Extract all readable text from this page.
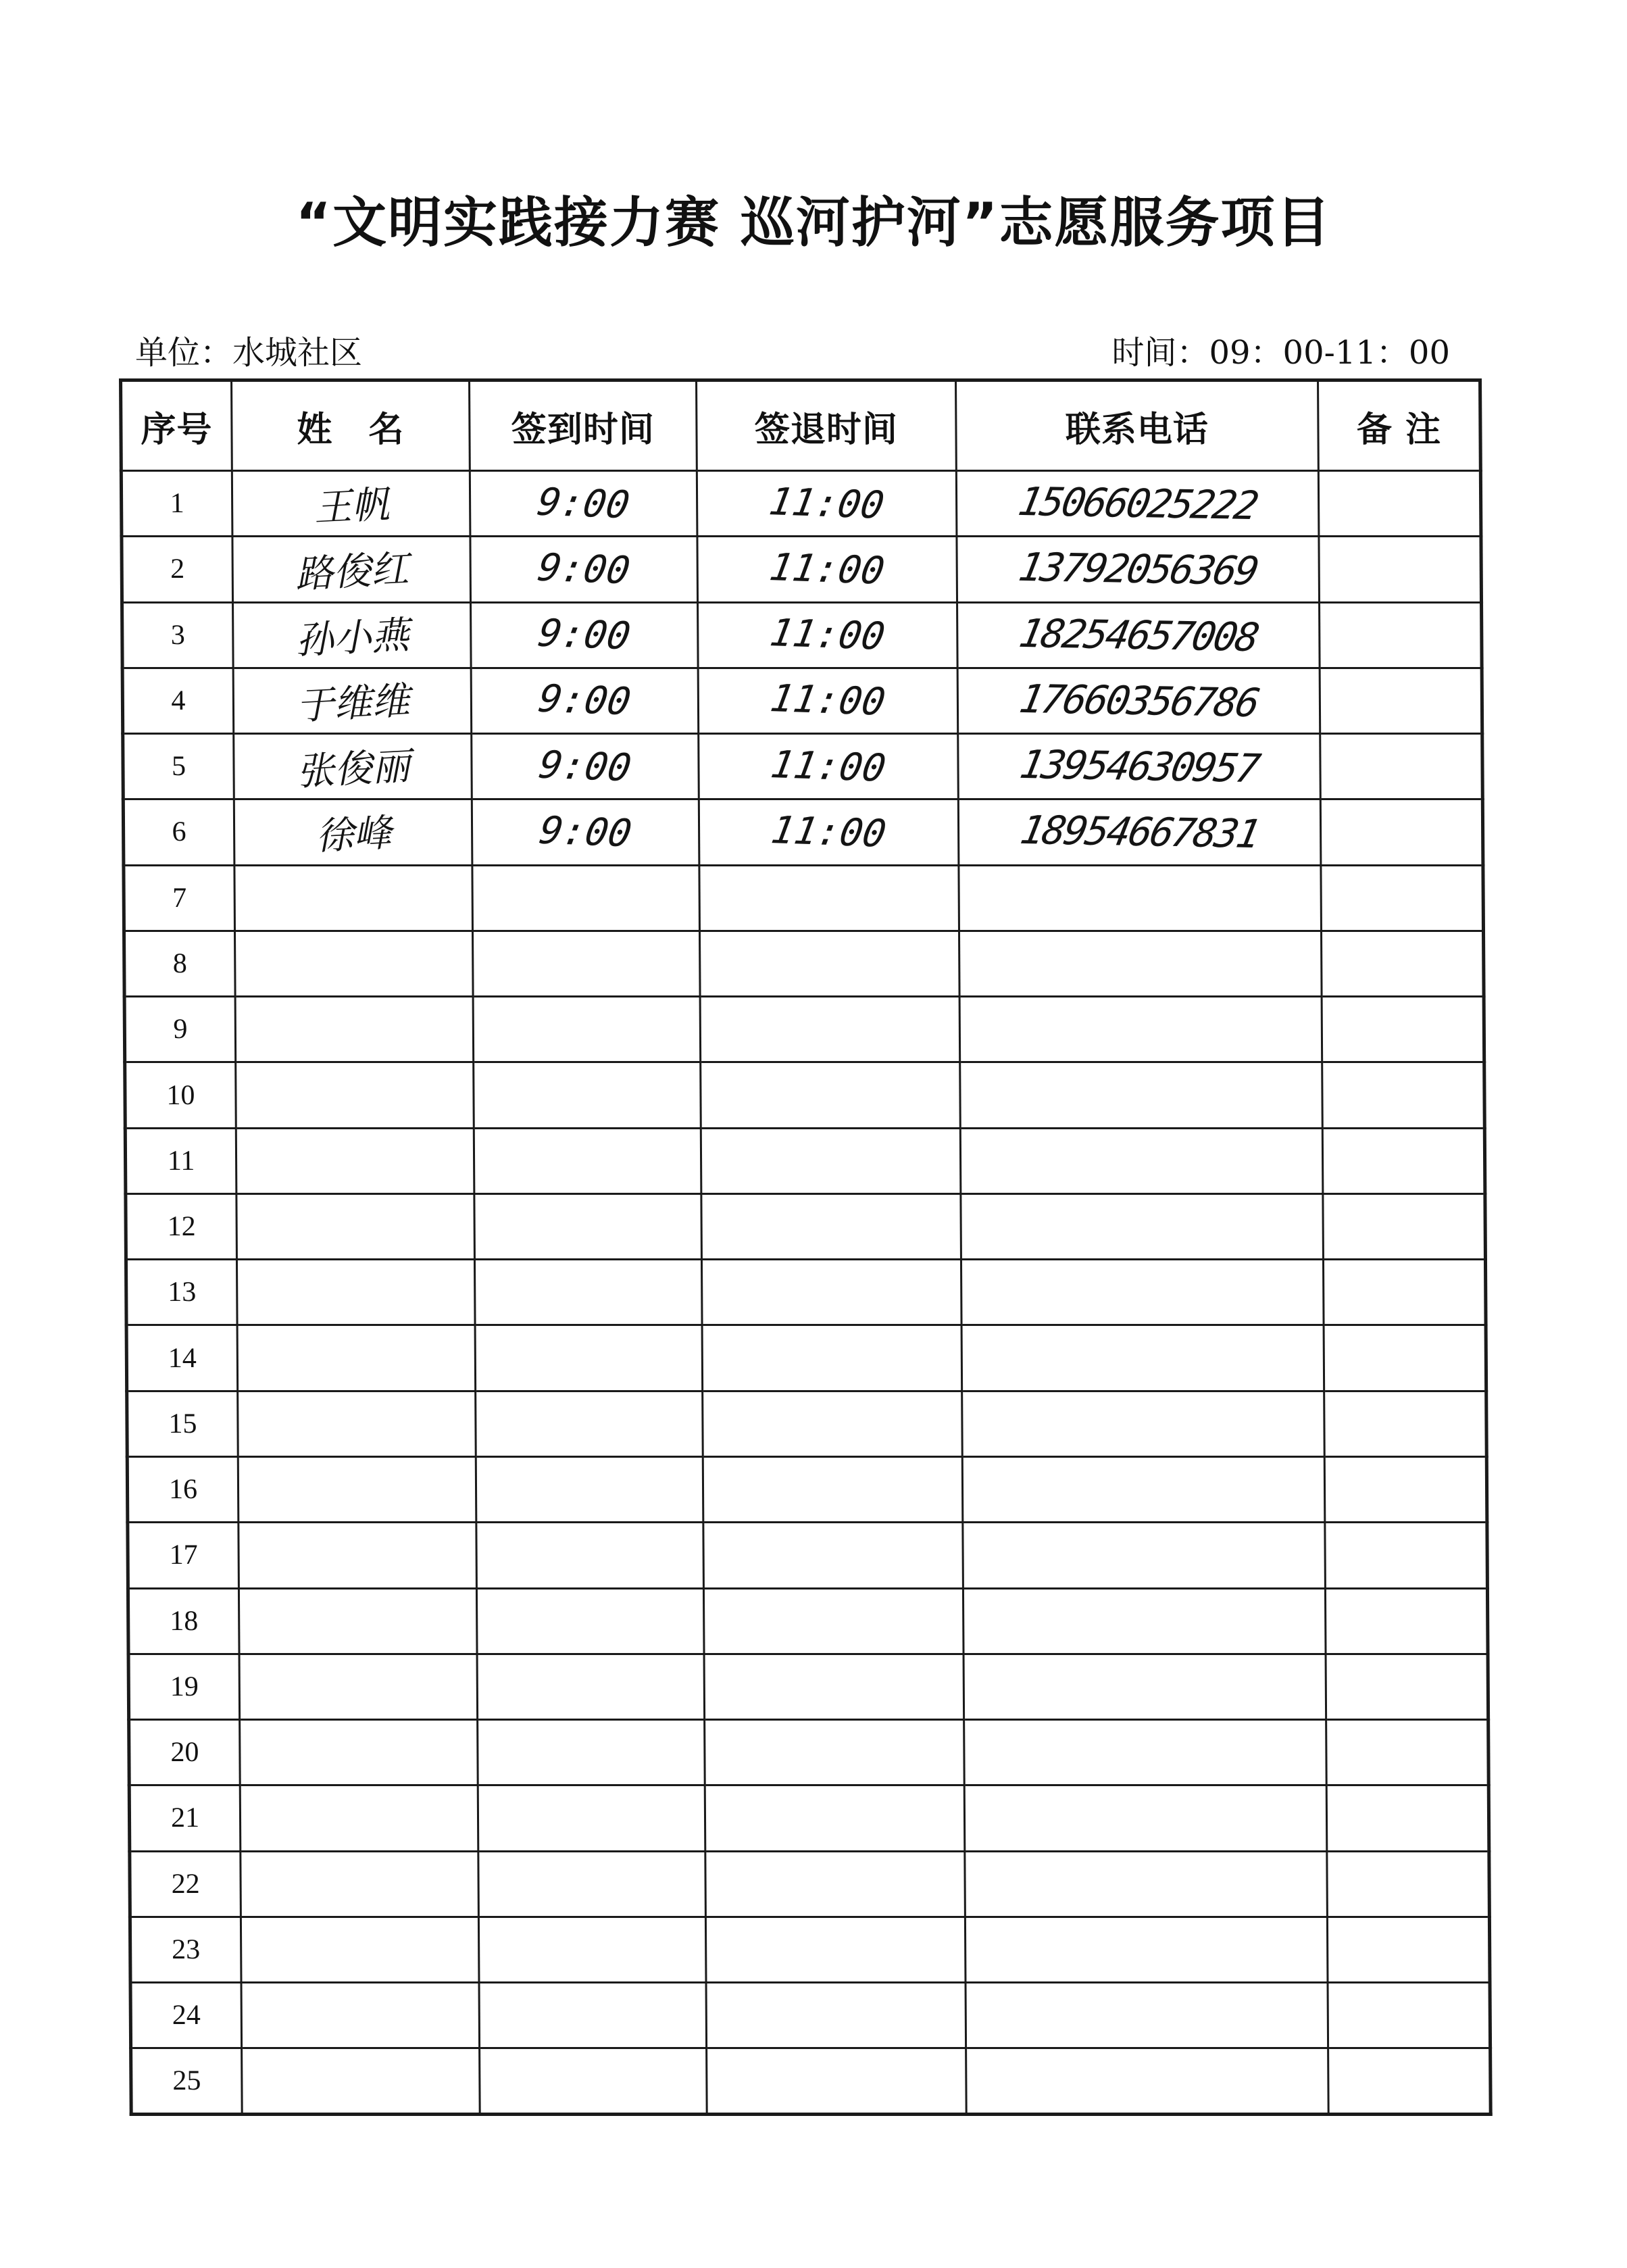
“文明实践接力赛 巡河护河”志愿服务项目
单位：水城社区	时间：09：00-11：00
序号	姓　名	签到时间	签退时间	联系电话	备 注
1	王帆	9:00	11:00	15066025222	
2	路俊红	9:00	11:00	13792056369	
3	孙小燕	9:00	11:00	18254657008	
4	于维维	9:00	11:00	17660356786	
5	张俊丽	9:00	11:00	13954630957	
6	徐峰	9:00	11:00	18954667831	
7					
8					
9					
10					
11					
12					
13					
14					
15					
16					
17					
18					
19					
20					
21					
22					
23					
24					
25					
